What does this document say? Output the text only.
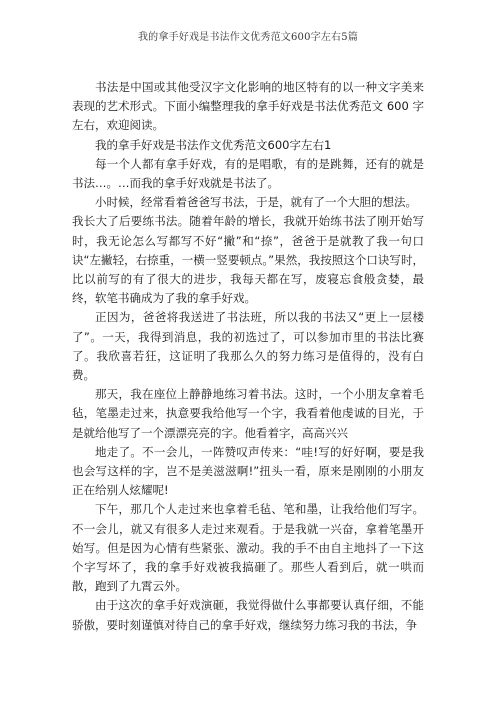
我的拿手好戏是书法作文优秀范文600字左右5篇

书法是中国或其他受汉字文化影响的地区特有的以一种文字美来表现的艺术形式。下面小编整理我的拿手好戏是书法优秀范文 600 字左右，欢迎阅读。

我的拿手好戏是书法作文优秀范文600字左右1

每一个人都有拿手好戏，有的是唱歌，有的是跳舞，还有的就是书法…。…而我的拿手好戏就是书法了。

小时候，经常看着爸爸写书法，于是，就有了一个大胆的想法。

我长大了后要练书法。随着年龄的增长，我就开始练书法了刚开始写时，我无论怎么写都写不好“撇”和“捺”，爸爸于是就教了我一句口诀“左撇轻，右捺重，一横一竖要顿点。”果然，我按照这个口诀写时，比以前写的有了很大的进步，我每天都在写，废寝忘食般贪婪，最终，软笔书确成为了我的拿手好戏。

正因为，爸爸将我送进了书法班，所以我的书法又“更上一层楼了”。一天，我得到消息，我的初选过了，可以参加市里的书法比赛了。我欣喜若狂，这证明了我那么久的努力练习是值得的，没有白费。

那天，我在座位上静静地练习着书法。这时，一个小朋友拿着毛毡，笔墨走过来，执意要我给他写一个字，我看着他虔诚的目光，于是就给他写了一个漂漂亮亮的字。他看着字，高高兴兴

地走了。不一会儿，一阵赞叹声传来：“哇!写的好好啊，要是我也会写这样的字，岂不是美滋滋啊!”扭头一看，原来是刚刚的小朋友正在给别人炫耀呢!

下午，那几个人走过来也拿着毛毡、笔和墨，让我给他们写字。不一会儿，就又有很多人走过来观看。于是我就一兴奋，拿着笔墨开始写。但是因为心情有些紧张、激动。我的手不由自主地抖了一下这个字写坏了，我的拿手好戏被我搞砸了。那些人看到后，就一哄而散，跑到了九霄云外。

由于这次的拿手好戏演砸，我觉得做什么事都要认真仔细，不能骄傲，要时刻谨慎对待自己的拿手好戏，继续努力练习我的书法，争
